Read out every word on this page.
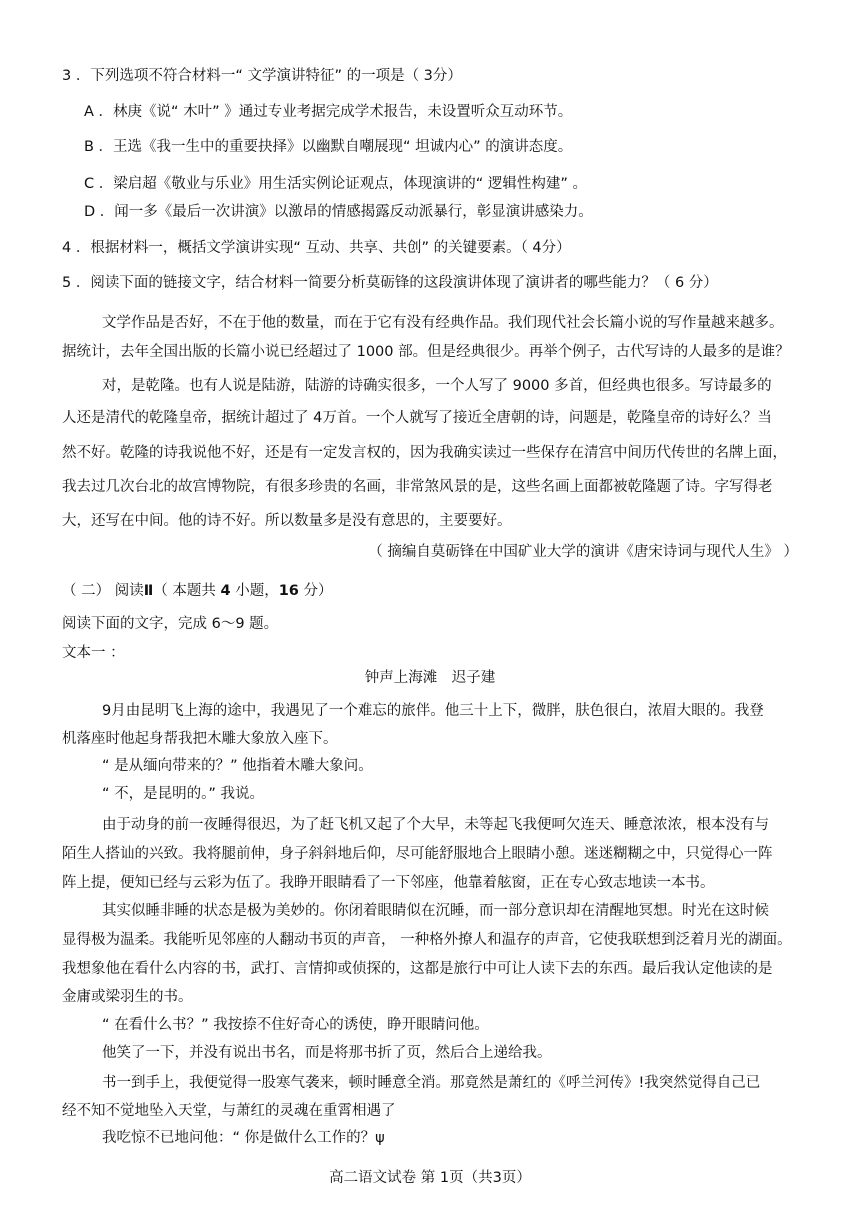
3 ．下列选项不符合材料一“ 文学演讲特征” 的一项是（ 3分）
A ．林庚《说“ 木叶” 》通过专业考据完成学术报告，未设置听众互动环节。
B ．王选《我一生中的重要抉择》以幽默自嘲展现“ 坦诚内心” 的演讲态度。
C ．梁启超《敬业与乐业》用生活实例论证观点，体现演讲的“ 逻辑性构建” 。
D ．闻一多《最后一次讲演》以激昂的情感揭露反动派暴行，彰显演讲感染力。
4 ．根据材料一，概括文学演讲实现“ 互动、共享、共创” 的关键要素。（ 4分）
5 ．阅读下面的链接文字，结合材料一简要分析莫砺锋的这段演讲体现了演讲者的哪些能力？（ 6 分）
文学作品是否好，不在于他的数量，而在于它有没有经典作品。我们现代社会长篇小说的写作量越来越多。
据统计，去年全国出版的长篇小说已经超过了 1000 部。但是经典很少。再举个例子，古代写诗的人最多的是谁？
对，是乾隆。也有人说是陆游，陆游的诗确实很多，一个人写了 9000 多首，但经典也很多。写诗最多的
人还是清代的乾隆皇帝，据统计超过了 4万首。一个人就写了接近全唐朝的诗，问题是，乾隆皇帝的诗好么？当
然不好。乾隆的诗我说他不好，还是有一定发言权的，因为我确实读过一些保存在清宫中间历代传世的名牌上面，
我去过几次台北的故宫博物院，有很多珍贵的名画，非常煞风景的是，这些名画上面都被乾隆题了诗。字写得老
大，还写在中间。他的诗不好。所以数量多是没有意思的，主要要好。
（ 摘编自莫砺锋在中国矿业大学的演讲《唐宋诗词与现代人生》 ）
（ 二） 阅读Ⅱ（ 本题共 4 小题，16 分）
阅读下面的文字，完成 6～9 题。
文本一 ：
钟声上海滩　迟子建
9月由昆明飞上海的途中，我遇见了一个难忘的旅伴。他三十上下，微胖，肤色很白，浓眉大眼的。我登
机落座时他起身帮我把木雕大象放入座下。
“ 是从缅向带来的？” 他指着木雕大象问。
“ 不，是昆明的。” 我说。
由于动身的前一夜睡得很迟，为了赶飞机又起了个大早，未等起飞我便呵欠连天、睡意浓浓，根本没有与
陌生人搭讪的兴致。我将腿前伸，身子斜斜地后仰，尽可能舒服地合上眼睛小憩。迷迷糊糊之中，只觉得心一阵
阵上提，便知已经与云彩为伍了。我睁开眼睛看了一下邻座，他靠着舷窗，正在专心致志地读一本书。
其实似睡非睡的状态是极为美妙的。你闭着眼睛似在沉睡，而一部分意识却在清醒地冥想。时光在这时候
显得极为温柔。我能听见邻座的人翻动书页的声音， 一种格外撩人和温存的声音，它使我联想到泛着月光的湖面。
我想象他在看什么内容的书，武打、言情抑或侦探的，这都是旅行中可让人读下去的东西。最后我认定他读的是
金庸或梁羽生的书。
“ 在看什么书？” 我按捺不住好奇心的诱使，睁开眼睛问他。
他笑了一下，并没有说出书名，而是将那书折了页，然后合上递给我。
书一到手上，我便觉得一股寒气袭来，顿时睡意全消。那竟然是萧红的《呼兰河传》!我突然觉得自己已
经不知不觉地坠入天堂，与萧红的灵魂在重霄相遇了
我吃惊不已地问他：“ 你是做什么工作的？ψ
高二语文试卷 第 1页（共3页）
